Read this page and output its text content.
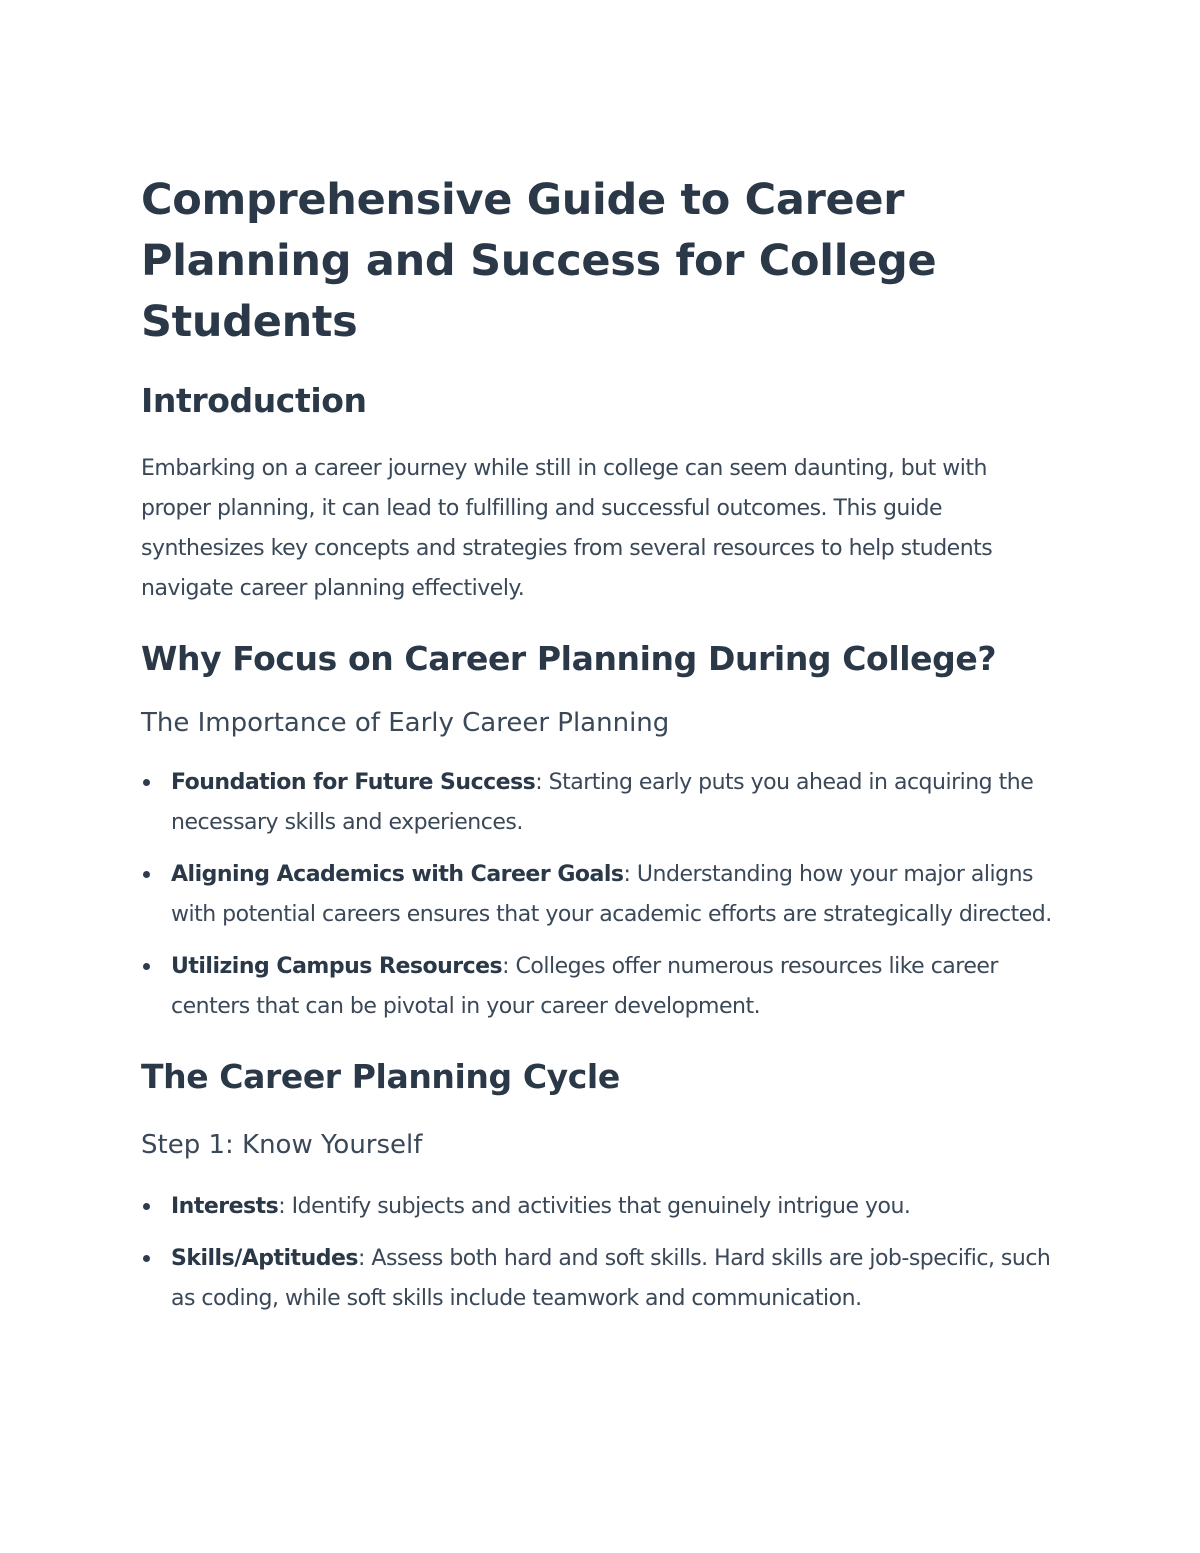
Comprehensive Guide to Career Planning and Success for College Students
Introduction

Embarking on a career journey while still in college can seem daunting, but with proper planning, it can lead to fulfilling and successful outcomes. This guide synthesizes key concepts and strategies from several resources to help students navigate career planning effectively.

Why Focus on Career Planning During College?
The Importance of Early Career Planning
Foundation for Future Success: Starting early puts you ahead in acquiring the necessary skills and experiences.
Aligning Academics with Career Goals: Understanding how your major aligns with potential careers ensures that your academic efforts are strategically directed.
Utilizing Campus Resources: Colleges offer numerous resources like career centers that can be pivotal in your career development.
The Career Planning Cycle
Step 1: Know Yourself
Interests: Identify subjects and activities that genuinely intrigue you.
Skills/Aptitudes: Assess both hard and soft skills. Hard skills are job-specific, such as coding, while soft skills include teamwork and communication.
